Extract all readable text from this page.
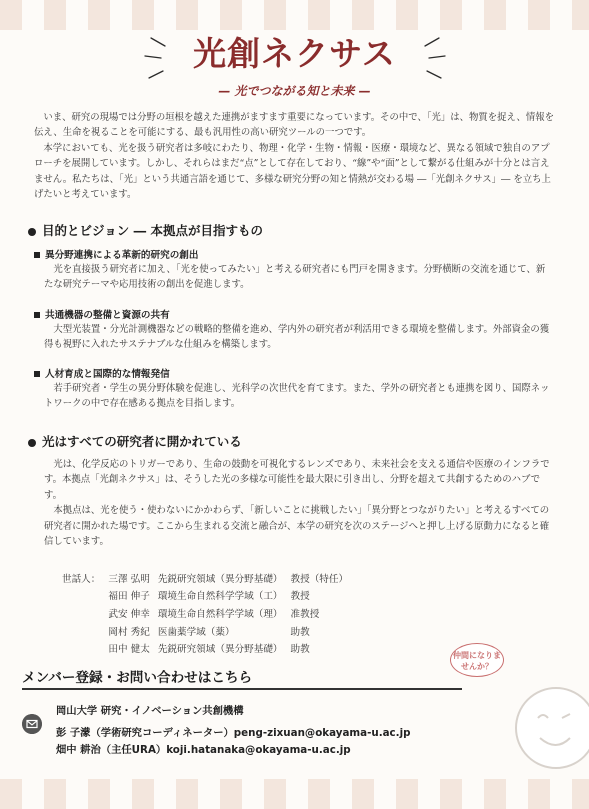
光創ネクサス
— 光でつながる知と未来 —

いま、研究の現場では分野の垣根を越えた連携がますます重要になっています。その中で、「光」は、物質を捉え、情報を伝え、生命を視ることを可能にする、最も汎用性の高い研究ツールの一つです。

本学においても、光を扱う研究者は多岐にわたり、物理・化学・生物・情報・医療・環境など、異なる領域で独自のアプローチを展開しています。しかし、それらはまだ“点”として存在しており、“線”や“面”として繋がる仕組みが十分とは言えません。私たちは、「光」という共通言語を通じて、多様な研究分野の知と情熱が交わる場 ―「光創ネクサス」― を立ち上げたいと考えています。

目的とビジョン ― 本拠点が目指すもの
異分野連携による革新的研究の創出

光を直接扱う研究者に加え、「光を使ってみたい」と考える研究者にも門戸を開きます。分野横断の交流を通じて、新たな研究テーマや応用技術の創出を促進します。

共通機器の整備と資源の共有

大型光装置・分光計測機器などの戦略的整備を進め、学内外の研究者が利活用できる環境を整備します。外部資金の獲得も視野に入れたサステナブルな仕組みを構築します。

人材育成と国際的な情報発信

若手研究者・学生の異分野体験を促進し、光科学の次世代を育てます。また、学外の研究者とも連携を図り、国際ネットワークの中で存在感ある拠点を目指します。

光はすべての研究者に開かれている

光は、化学反応のトリガーであり、生命の鼓動を可視化するレンズであり、未来社会を支える通信や医療のインフラです。本拠点「光創ネクサス」は、そうした光の多様な可能性を最大限に引き出し、分野を超えて共創するためのハブです。

本拠点は、光を使う・使わないにかかわらず、「新しいことに挑戦したい」「異分野とつながりたい」と考えるすべての研究者に開かれた場です。ここから生まれる交流と融合が、本学の研究を次のステージへと押し上げる原動力になると確信しています。

世話人：	三澤 弘明	先鋭研究領域（異分野基礎）	教授（特任）
	福田 伸子	環境生命自然科学学域（工）	教授
	武安 伸幸	環境生命自然科学学域（理）	准教授
	岡村 秀紀	医歯薬学域（薬）	助教
	田中 健太	先鋭研究領域（異分野基礎）	助教
仲間になりませんか？
メンバー登録・お問い合わせはこちら
岡山大学 研究・イノベーション共創機構
彭 子濛（学術研究コーディネーター）peng-zixuan@okayama-u.ac.jp
畑中 耕治（主任URA）koji.hatanaka@okayama-u.ac.jp
